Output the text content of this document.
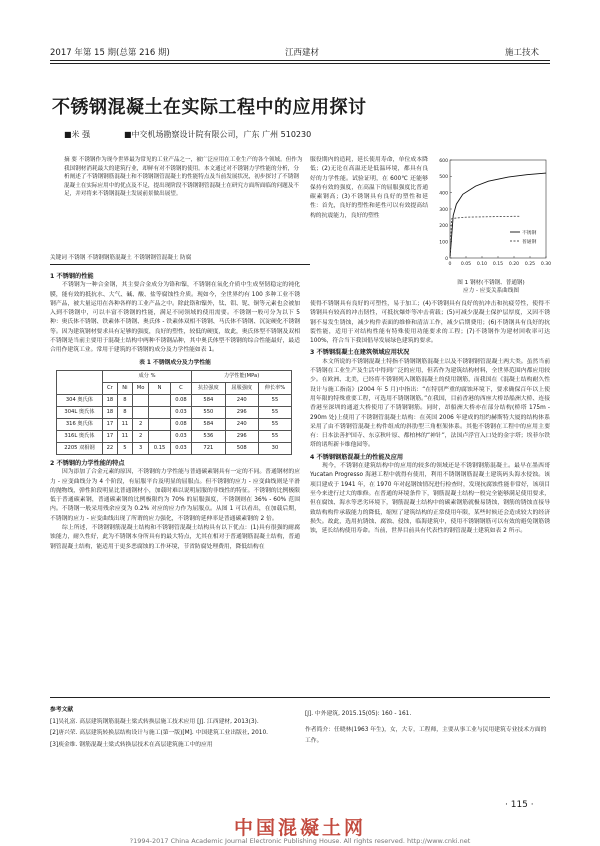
2017 年第 15 期(总第 216 期)	江西建材	施工技术
不锈钢混凝土在实际工程中的应用探讨
■米 强	■中交机场勘察设计院有限公司，广东 广州 510230
摘 要 不锈钢作为现今世界最为常见的工业产品之一，被广泛应用在工业生产的各个领域。但作为我国钢材消耗最大的建筑行业，却鲜有对不锈钢的使用。本文通过对不锈钢力学性能的分析，分析阐述了不锈钢钢筋混凝土和不锈钢钢管混凝土的性能特点及当前发展状况，初步探讨了不锈钢混凝土在实际应用中的优点及不足，提出现阶段不锈钢钢管混凝土在研究方面所面临的问题及不足，并对将来不锈钢混凝土发展前景做出展望。
关键词 不锈钢 不锈钢钢筋混凝土 不锈钢钢管混凝土 防腐
1 不锈钢的性能

不锈钢为一种合金钢，其主要合金成分为铬和镍，不锈钢在氧化介质中生成坚韧稳定的钝化膜，能有效的抵抗水、大气、碱、酸、盐等腐蚀性介质。现如今，全世界约有 100 多种工业不锈钢产品，被大量运用在各种各样的工业产品之中。除此铬和镍外，钛、钼、铌、铜等元素也会被加入到不锈钢中，可以丰富不锈钢的性能，满足不同领域的使用需要。不锈钢一般可分为以下 5 种：奥氏体不锈钢、铁素体不锈钢、奥氏体 - 铁素体双相不锈钢、马氏体不锈钢、沉淀硬化不锈钢等。因为建筑钢材要求具有足够的强度，良好的塑性，较低的硬度，故此，奥氏体型不锈钢及双相不锈钢是当前主要用于混凝土结构中两种不锈钢品种，其中奥氏体型不锈钢的综合性能最好，最适合用作建筑工业。常用于建筑的不锈钢的成分及力学性能如表 1。

表 1 不锈钢成分及力学性能
	成分 %					力学性能(MPa)		
	Cr	Ni	Mo	N	C	抗拉强度	屈服强度	伸长率%
304 奥氏体	18	8			0.08	584	240	55
304L 奥氏体	18	8			0.03	550	296	55
316 奥氏体	17	11	2		0.08	584	240	55
316L 奥氏体	17	11	2		0.03	536	296	55
2205 双相钢	22	5	3	0.15	0.03	721	508	30
2 不锈钢的力学性能的特点

因为添加了合金元素的原因，不锈钢的力学性能与普通碳素钢具有一定的不同。普通钢材的应力 - 应变曲线分为 4 个阶段，有屈服平台及明显的屈服点。但不锈钢的应力 - 应变曲线则是平滑的抛物线，弹性阶段明显比普通钢材小，加载时难以说明屈服的非线性的特征。不锈钢的比例极限低于普通碳素钢，普通碳素钢的比例极限约为 70% 的屈服强度，不锈钢则在 36% - 60% 范围内。不锈钢一般采用残余应变为 0.2% 对应的应力作为屈服点。从图 1 可以看出，在加载后期，不锈钢的应力 - 应变曲线出现了所谓的应力强化，不锈钢的延伸率是普通碳素钢的 2 倍。

综上所述，不锈钢钢筋混凝土结构和不锈钢管混凝土结构具有以下优点：(1)具有很强的耐腐蚀能力，耐久性好，此为不锈钢本身所具有的最大特点，尤其在相对于普通钢筋混凝土结构，普通钢管混凝土结构，能适用于更多恶腐蚀的工作环境，节省防腐处理费用，降低结构在

服役期内的造耗，延长使用寿命，单位成本降低；(2)无论在高温还是低温环境，都具有良好的力学性能。试验证明，在 600℃ 还能够保持有效的强度，在高温下的屈服强度比普通碳素钢高；(3)不锈钢具有良好的塑性和延性：首先，良好的塑性和延性可以有效提高结构的抗震能力，良好的塑性
0
100
200
300
400
500
600
0 0.05 0.10 0.15 0.20 0.25 0.30
不锈钢
普通钢
图 1 钢材(不锈钢、普通钢)
应力 - 应变关系曲线图

使得不锈钢具有良好的可塑性，易于加工；(4)不锈钢具有良好的抗冲击和抗疲劳性，使得不锈钢具有较高的冲击韧性，可抵抗爆炸等冲击荷载；(5)可减少混凝土保护层厚度，又因不锈钢不易发生锈蚀，减少构件表面的维修和清洁工作，减少后期费用；(6)不锈钢具有良好的抗裂性能，适用于对结构性能有特殊使用功能要求的工程；(7)不锈钢作为建材回收率可达 100%，符合当下我国倡导发展绿色建筑的要求。

3 不锈钢混凝土在建筑领域应用状况

本文所说的不锈钢混凝土特指不锈钢钢筋混凝土以及不锈钢钢管混凝土两大类。虽然当前不锈钢在工业生产及生活中得到广泛的应用，但若作为建筑结构材料，全世界范围内都应用较少。在欧洲、北美，已经将不锈钢列入钢筋混凝土的使用钢筋，而我国在《混凝土结构耐久性设计与施工指南》(2004 年 5 月)中指出：“在特别严重的腐蚀环境下，要求确保百年以上使用年限的特殊重要工程，可选用不锈钢钢筋。”在我国，目前香港的西座大桥昂船洲大桥、连接香港至深圳的通道大桥使用了不锈钢钢筋。同时，昂船洲大桥亦在部分结构(桥塔 175m - 290m 处)上使用了不锈钢管混凝土结构：在英国 2006 年建成的纽约赫斯特大厦的结构体系采用了由不锈钢管混凝土构件组成的斜肋型三角框架体系。其他不锈钢在工程中的应用主要有：日本法善护国寺、东京秋叶原、都柏林的“神针”，法国卢浮宫入口处的金字塔；埃菲尔铁塔的诸所新卡维他园等。

4 不锈钢钢筋混凝土的性能及应用

现今，不锈钢在建筑结构中的应用的较多的领域还是不锈钢钢筋混凝土。最早在墨西哥 Yucatan Progresso 海港工程中就得有使用，利用不锈钢钢筋混凝土建筑码头海水侵蚀。该项目建成于 1941 年，在 1970 年对起钢蚀情况进行检查时，发现抗腐蚀性能非常好，该项目至今来进行过大的维修。在普通的环境条件下，钢筋混凝土结构一般完全能够满足使用要求，但在腐蚀、海水等恶劣环境下，钢筋混凝土结构中的碳素钢筋就极易锈蚀，钢筋的锈蚀直接导致结构构件承载能力的降低，缩短了建筑结构的正常使用年限，某些时候还会造成较大的经济损失。故此，选用抗锈蚀、腐蚀、侵蚀，临海建筑中，使用不锈钢钢筋可以有效的避免钢筋锈蚀，延长结构使用寿命。当前，世界目前具有代表性的钢管混凝土建筑如表 2 所示。

参考文献
[1]吴礼富. 高层建筑钢筋混凝土梁式转换层施工技术应用 [J]. 江西建材, 2013(3).
[2]唐兴荣. 高层建筑转换层结构设计与施工(第一版)[M]. 中国建筑工业出版社, 2010.
[3]庾金维. 钢筋混凝土梁式转换层技术在高层建筑施工中的应用
[J]. 中外建筑, 2015.15(05): 160 - 161.
作者简介：任晓林(1963 年生)，女，大专，工程师，主要从事工业与民用建筑专业技术方面的工作。
· 115 ·
中国混凝土网
?1994-2017 China Academic Journal Electronic Publishing House. All rights reserved. http://www.cnki.net
